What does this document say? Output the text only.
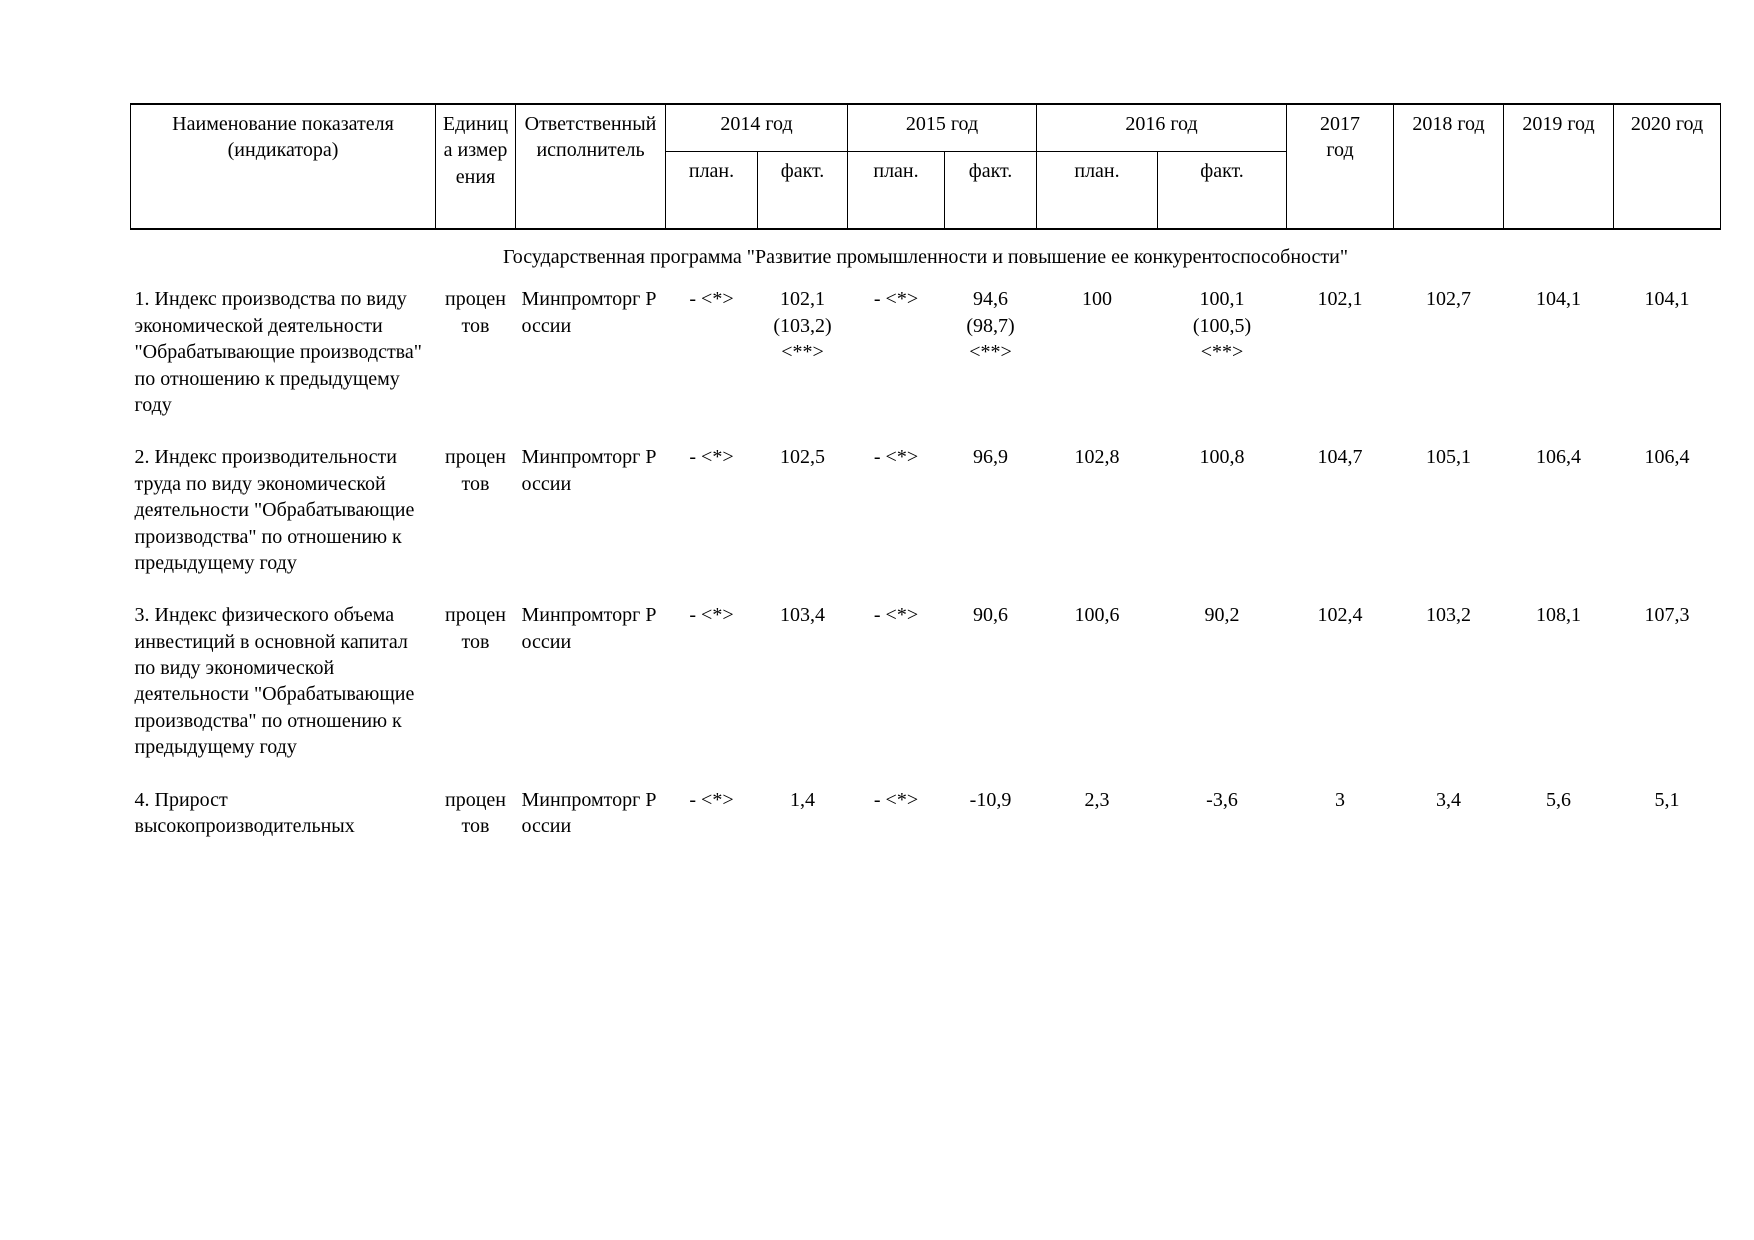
Наименование показателя (индикатора)	Единица измерения	Ответственный исполнитель	2014 год		2015 год		2016 год		2017 год	2018 год	2019 год	2020 год
			план.	факт.	план.	факт.	план.	факт.				
Государственная программа "Развитие промышленности и повышение ее конкурентоспособности"												
1. Индекс производства по виду экономической деятельности "Обрабатывающие производства" по отношению к предыдущему году	процентов	Минпромторг России	- <*>	102,1 (103,2) <**>	- <*>	94,6 (98,7) <**>	100	100,1 (100,5) <**>	102,1	102,7	104,1	104,1
2. Индекс производительности труда по виду экономической деятельности "Обрабатывающие производства" по отношению к предыдущему году	процентов	Минпромторг России	- <*>	102,5	- <*>	96,9	102,8	100,8	104,7	105,1	106,4	106,4
3. Индекс физического объема инвестиций в основной капитал по виду экономической деятельности "Обрабатывающие производства" по отношению к предыдущему году	процентов	Минпромторг России	- <*>	103,4	- <*>	90,6	100,6	90,2	102,4	103,2	108,1	107,3
4. Прирост высокопроизводительных	процентов	Минпромторг России	- <*>	1,4	- <*>	-10,9	2,3	-3,6	3	3,4	5,6	5,1
